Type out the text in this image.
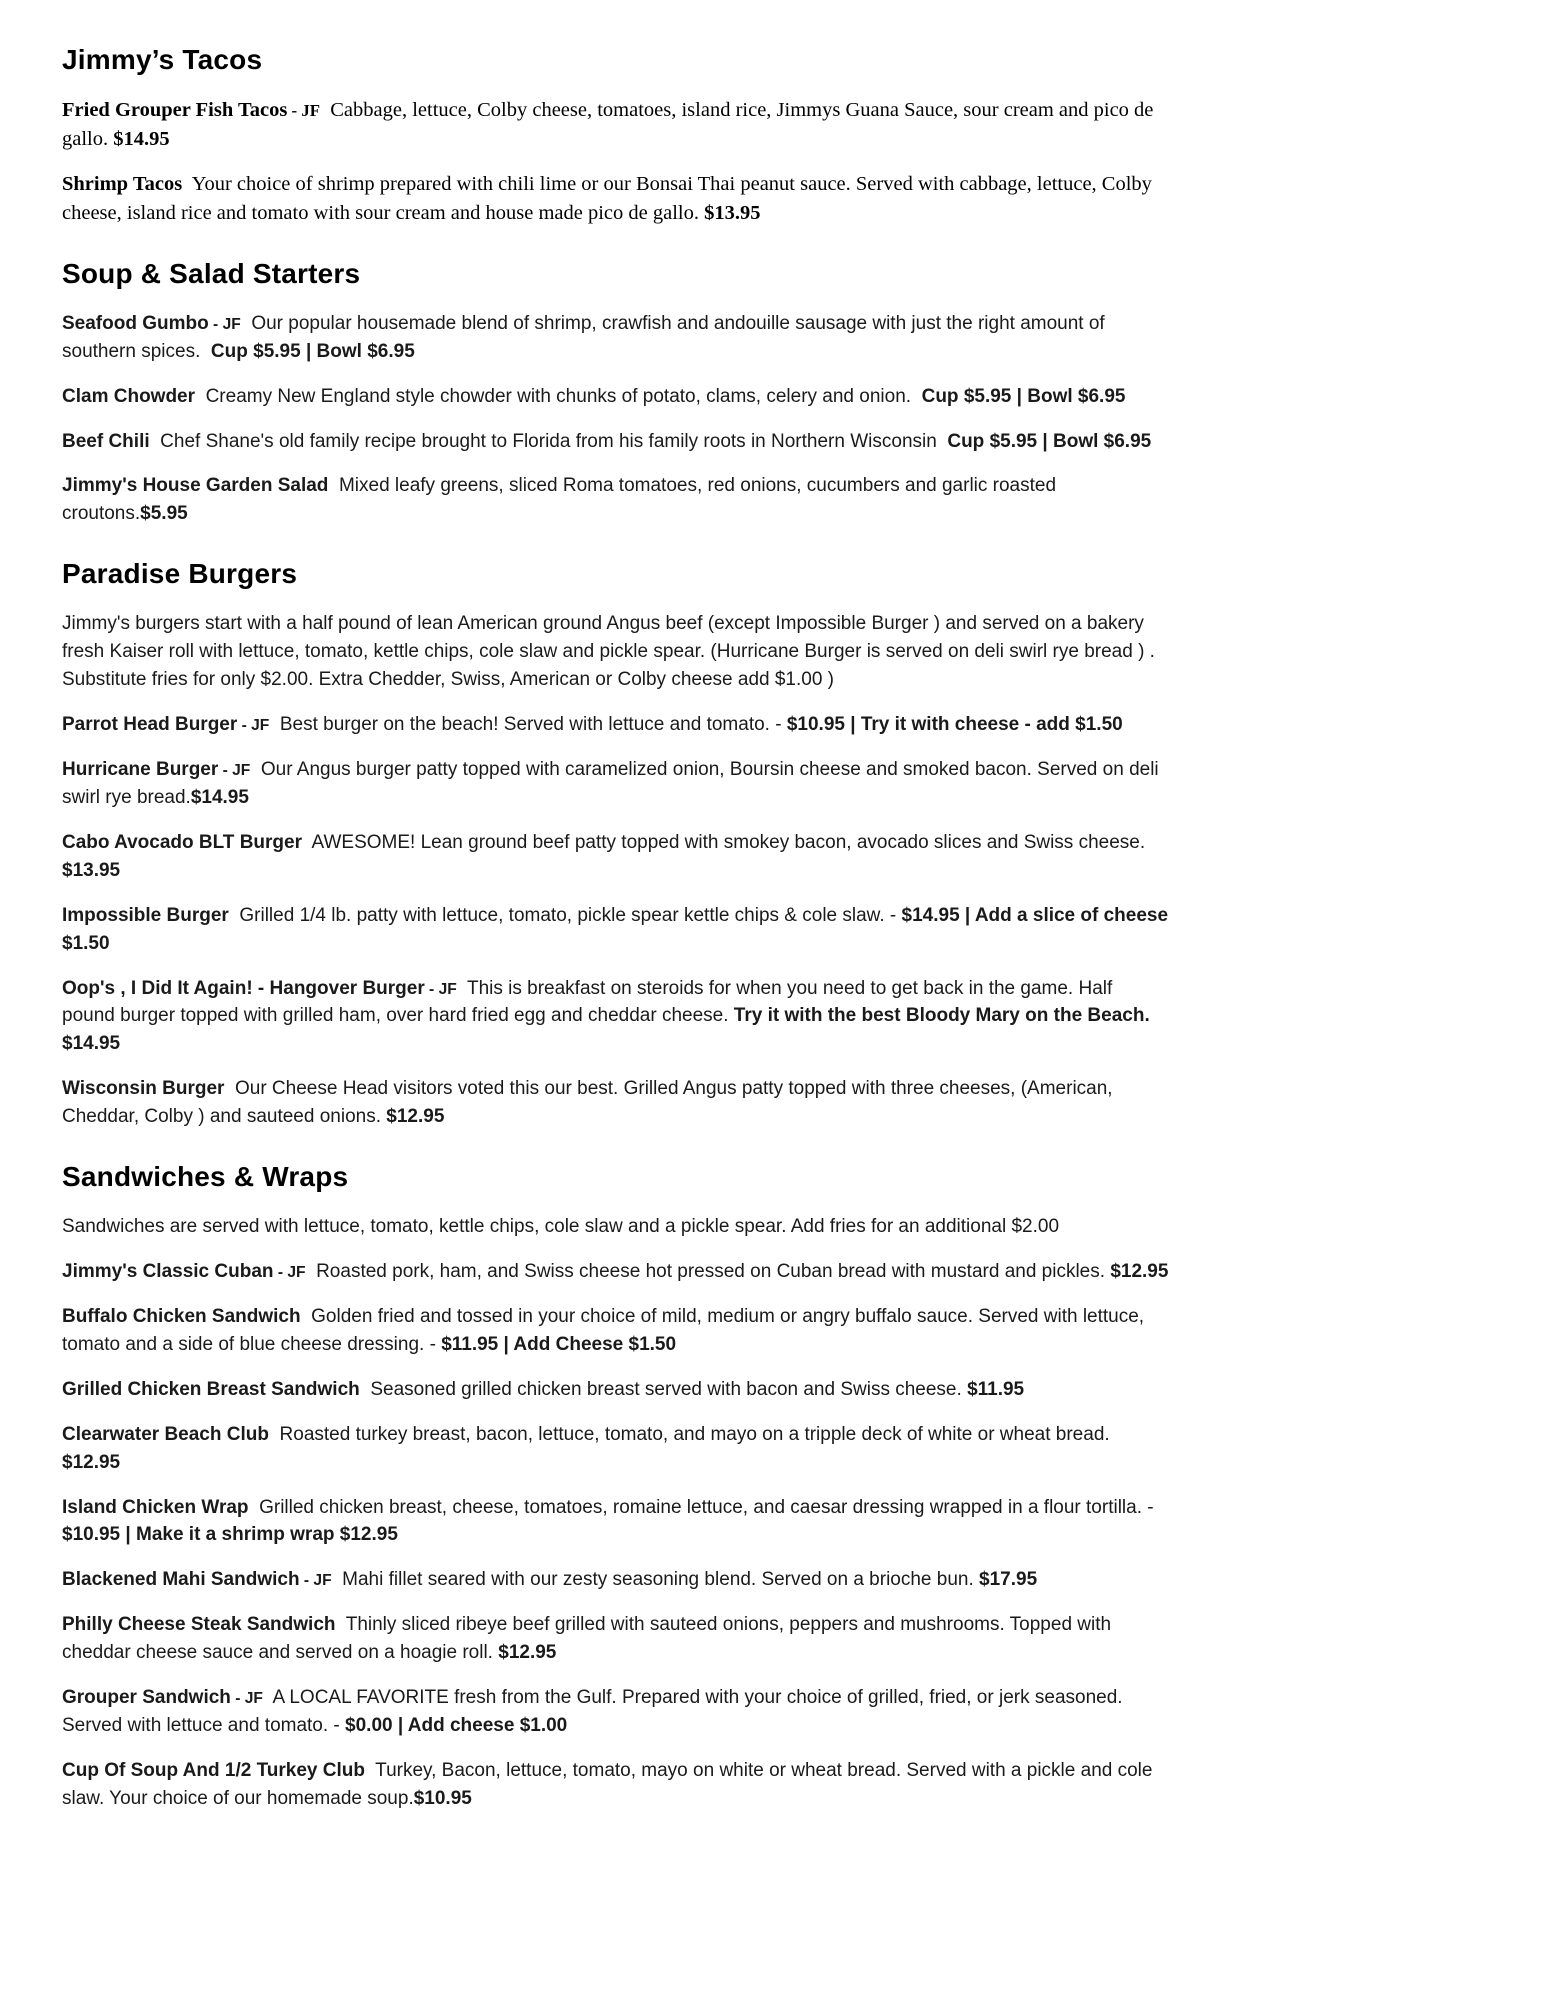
Jimmy’s Tacos

Fried Grouper Fish Tacos - JF  Cabbage, lettuce, Colby cheese, tomatoes, island rice, Jimmys Guana Sauce, sour cream and pico de gallo. $14.95

Shrimp Tacos  Your choice of shrimp prepared with chili lime or our Bonsai Thai peanut sauce. Served with cabbage, lettuce, Colby cheese, island rice and tomato with sour cream and house made pico de gallo. $13.95

Soup & Salad Starters

Seafood Gumbo - JF  Our popular housemade blend of shrimp, crawfish and andouille sausage with just the right amount of southern spices.  Cup $5.95 | Bowl $6.95

Clam Chowder  Creamy New England style chowder with chunks of potato, clams, celery and onion.  Cup $5.95 | Bowl $6.95

Beef Chili  Chef Shane's old family recipe brought to Florida from his family roots in Northern Wisconsin  Cup $5.95 | Bowl $6.95

Jimmy's House Garden Salad  Mixed leafy greens, sliced Roma tomatoes, red onions, cucumbers and garlic roasted croutons.$5.95

Paradise Burgers

Jimmy's burgers start with a half pound of lean American ground Angus beef (except Impossible Burger ) and served on a bakery fresh Kaiser roll with lettuce, tomato, kettle chips, cole slaw and pickle spear. (Hurricane Burger is served on deli swirl rye bread ) . Substitute fries for only $2.00. Extra Chedder, Swiss, American or Colby cheese add $1.00 )

Parrot Head Burger - JF  Best burger on the beach! Served with lettuce and tomato. - $10.95 | Try it with cheese - add $1.50

Hurricane Burger - JF  Our Angus burger patty topped with caramelized onion, Boursin cheese and smoked bacon. Served on deli swirl rye bread.$14.95

Cabo Avocado BLT Burger  AWESOME! Lean ground beef patty topped with smokey bacon, avocado slices and Swiss cheese. $13.95

Impossible Burger  Grilled 1/4 lb. patty with lettuce, tomato, pickle spear kettle chips & cole slaw. - $14.95 | Add a slice of cheese $1.50

Oop's , I Did It Again! - Hangover Burger - JF  This is breakfast on steroids for when you need to get back in the game. Half pound burger topped with grilled ham, over hard fried egg and cheddar cheese. Try it with the best Bloody Mary on the Beach. $14.95

Wisconsin Burger  Our Cheese Head visitors voted this our best. Grilled Angus patty topped with three cheeses, (American, Cheddar, Colby ) and sauteed onions. $12.95

Sandwiches & Wraps

Sandwiches are served with lettuce, tomato, kettle chips, cole slaw and a pickle spear. Add fries for an additional $2.00

Jimmy's Classic Cuban - JF  Roasted pork, ham, and Swiss cheese hot pressed on Cuban bread with mustard and pickles. $12.95

Buffalo Chicken Sandwich  Golden fried and tossed in your choice of mild, medium or angry buffalo sauce. Served with lettuce, tomato and a side of blue cheese dressing. - $11.95 | Add Cheese $1.50

Grilled Chicken Breast Sandwich  Seasoned grilled chicken breast served with bacon and Swiss cheese. $11.95

Clearwater Beach Club  Roasted turkey breast, bacon, lettuce, tomato, and mayo on a tripple deck of white or wheat bread. $12.95

Island Chicken Wrap  Grilled chicken breast, cheese, tomatoes, romaine lettuce, and caesar dressing wrapped in a flour tortilla. - $10.95 | Make it a shrimp wrap $12.95

Blackened Mahi Sandwich - JF  Mahi fillet seared with our zesty seasoning blend. Served on a brioche bun. $17.95

Philly Cheese Steak Sandwich  Thinly sliced ribeye beef grilled with sauteed onions, peppers and mushrooms. Topped with cheddar cheese sauce and served on a hoagie roll. $12.95

Grouper Sandwich - JF  A LOCAL FAVORITE fresh from the Gulf. Prepared with your choice of grilled, fried, or jerk seasoned. Served with lettuce and tomato. - $0.00 | Add cheese $1.00

Cup Of Soup And 1/2 Turkey Club  Turkey, Bacon, lettuce, tomato, mayo on white or wheat bread. Served with a pickle and cole slaw. Your choice of our homemade soup.$10.95
